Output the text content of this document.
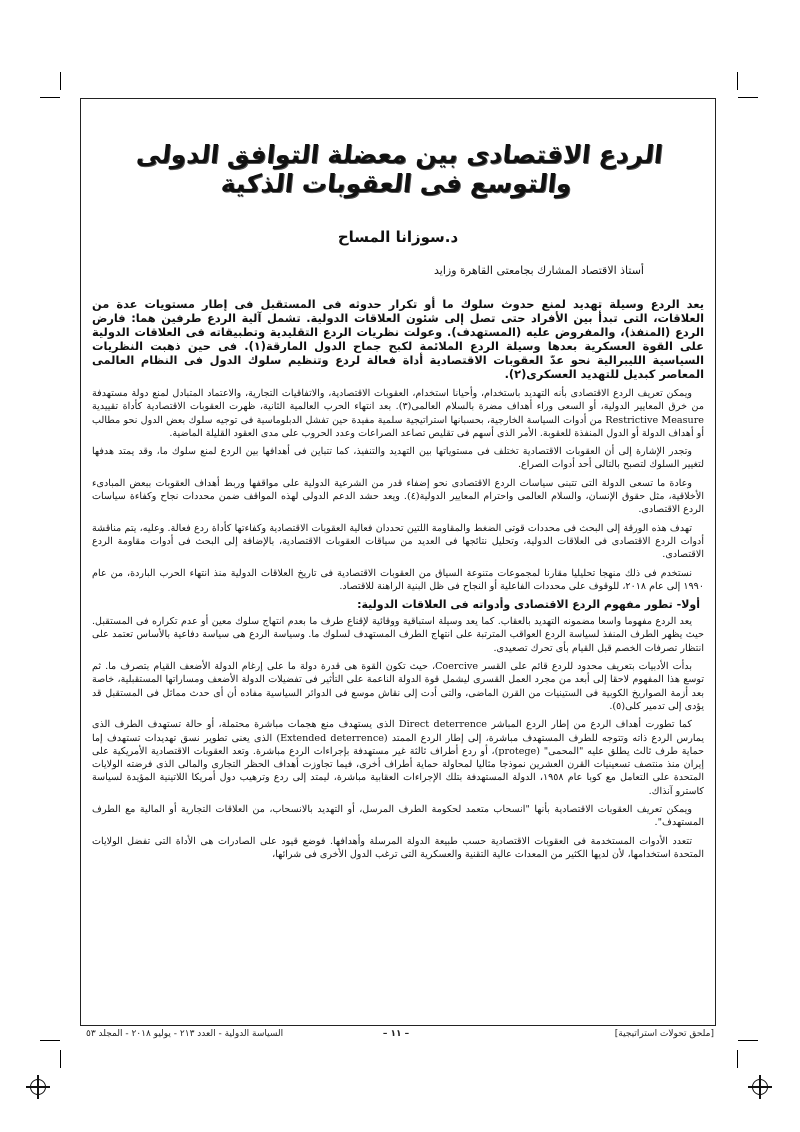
الردع الاقتصادى بين معضلة التوافق الدولى والتوسع فى العقوبات الذكية
د.سوزانا المساح
أستاذ الاقتصاد المشارك بجامعتى القاهرة وزايد

يعد الردع وسيلة تهديد لمنع حدوث سلوك ما أو تكرار حدوثه فى المستقبل فى إطار مستويات عدة من العلاقات، التى تبدأ بين الأفراد حتى تصل إلى شئون العلاقات الدولية. تشمل آلية الردع طرفين هما: فارض الردع (المنفذ)، والمفروض عليه (المستهدف). وعولت نظريات الردع التقليدية وتطبيقاته فى العلاقات الدولية على القوة العسكرية بعدها وسيلة الردع الملائمة لكبح جماح الدول المارقة(١). فى حين ذهبت النظريات السياسية الليبرالية نحو عدّ العقوبات الاقتصادية أداة فعالة لردع وتنظيم سلوك الدول فى النظام العالمى المعاصر كبديل للتهديد العسكرى(٢).

ويمكن تعريف الردع الاقتصادى بأنه التهديد باستخدام، وأحيانا استخدام، العقوبات الاقتصادية، والاتفاقيات التجارية، والاعتماد المتبادل لمنع دولة مستهدفة من خرق المعايير الدولية، أو السعى وراء أهداف مضرة بالسلام العالمى(٣). بعد انتهاء الحرب العالمية الثانية، ظهرت العقوبات الاقتصادية كأداة تقييدية Restrictive Measure من أدوات السياسة الخارجية، بحسبانها استراتيجية سلمية مفيدة حين تفشل الدبلوماسية فى توجيه سلوك بعض الدول نحو مطالب أو أهداف الدولة أو الدول المنفذة للعقوبة. الأمر الذى أسهم فى تقليص تصاعد الصراعات وعدد الحروب على مدى العقود القليلة الماضية.

وتجدر الإشارة إلى أن العقوبات الاقتصادية تختلف فى مستوياتها بين التهديد والتنفيذ، كما تتباين فى أهدافها بين الردع لمنع سلوك ما، وقد يمتد هدفها لتغيير السلوك لتصبح بالتالى أحد أدوات الصراع.

وعادة ما تسعى الدولة التى تتبنى سياسات الردع الاقتصادى نحو إضفاء قدر من الشرعية الدولية على مواقفها وربط أهداف العقوبات ببعض المبادىء الأخلاقية، مثل حقوق الإنسان، والسلام العالمى واحترام المعايير الدولية(٤). ويعد حشد الدعم الدولى لهذه المواقف ضمن محددات نجاح وكفاءة سياسات الردع الاقتصادى.

تهدف هذه الورقة إلى البحث فى محددات قوتى الضغط والمقاومة اللتين تحددان فعالية العقوبات الاقتصادية وكفاءتها كأداة ردع فعالة. وعليه، يتم مناقشة أدوات الردع الاقتصادى فى العلاقات الدولية، وتحليل نتائجها فى العديد من سياقات العقوبات الاقتصادية، بالإضافة إلى البحث فى أدوات مقاومة الردع الاقتصادى.

نستخدم فى ذلك منهجا تحليليا مقارنا لمجموعات متنوعة السياق من العقوبات الاقتصادية فى تاريخ العلاقات الدولية منذ انتهاء الحرب الباردة، من عام ١٩٩٠ إلى عام ٢٠١٨، للوقوف على محددات الفاعلية أو النجاح فى ظل البنية الراهنة للاقتصاد.

أولا- تطور مفهوم الردع الاقتصادى وأدواته فى العلاقات الدولية:

يعد الردع مفهوما واسعا مضمونه التهديد بالعقاب. كما يعد وسيلة استباقية ووقائية لإقناع طرف ما بعدم انتهاج سلوك معين أو عدم تكراره فى المستقبل. حيث يظهر الطرف المنفذ لسياسة الردع العواقب المترتبة على انتهاج الطرف المستهدف لسلوك ما. وسياسة الردع هى سياسة دفاعية بالأساس تعتمد على انتظار تصرفات الخصم قبل القيام بأى تحرك تصعيدى.

بدأت الأدبيات بتعريف محدود للردع قائم على القسر Coercive، حيث تكون القوة هى قدرة دولة ما على إرغام الدولة الأضعف القيام بتصرف ما. ثم توسع هذا المفهوم لاحقا إلى أبعد من مجرد العمل القسرى ليشمل قوة الدولة الناعمة على التأثير فى تفضيلات الدولة الأضعف ومساراتها المستقبلية، خاصة بعد أزمة الصواريخ الكوبية فى الستينيات من القرن الماضى، والتى أدت إلى نقاش موسع فى الدوائر السياسية مفاده أن أى حدث مماثل فى المستقبل قد يؤدى إلى تدمير كلى(٥).

كما تطورت أهداف الردع من إطار الردع المباشر Direct deterrence الذى يستهدف منع هجمات مباشرة محتملة، أو حالة تستهدف الطرف الذى يمارس الردع ذاته وتتوجه للطرف المستهدف مباشرة، إلى إطار الردع الممتد (Extended deterrence) الذى يعنى تطوير نسق تهديدات تستهدف إما حماية طرف ثالث يطلق عليه "المحمى" (protege)، أو ردع أطراف ثالثة غير مستهدفة بإجراءات الردع مباشرة. وتعد العقوبات الاقتصادية الأمريكية على إيران منذ منتصف تسعينيات القرن العشرين نموذجا مثاليا لمحاولة حماية أطراف أخرى، فيما تجاوزت أهداف الحظر التجارى والمالى الذى فرضته الولايات المتحدة على التعامل مع كوبا عام ١٩٥٨، الدولة المستهدفة بتلك الإجراءات العقابية مباشرة، ليمتد إلى ردع وترهيب دول أمريكا اللاتينية المؤيدة لسياسة كاسترو آنذاك.

ويمكن تعريف العقوبات الاقتصادية بأنها "انسحاب متعمد لحكومة الطرف المرسل، أو التهديد بالانسحاب، من العلاقات التجارية أو المالية مع الطرف المستهدف".

تتعدد الأدوات المستخدمة فى العقوبات الاقتصادية حسب طبيعة الدولة المرسلة وأهدافها. فوضع قيود على الصادرات هى الأداة التى تفضل الولايات المتحدة استخدامها، لأن لديها الكثير من المعدات عالية التقنية والعسكرية التى ترغب الدول الأخرى فى شرائها،

[ملحق تحولات استراتيجية]
– ١١ –
السياسة الدولية - العدد ٢١٣ - يوليو ٢٠١٨ - المجلد ٥٣
